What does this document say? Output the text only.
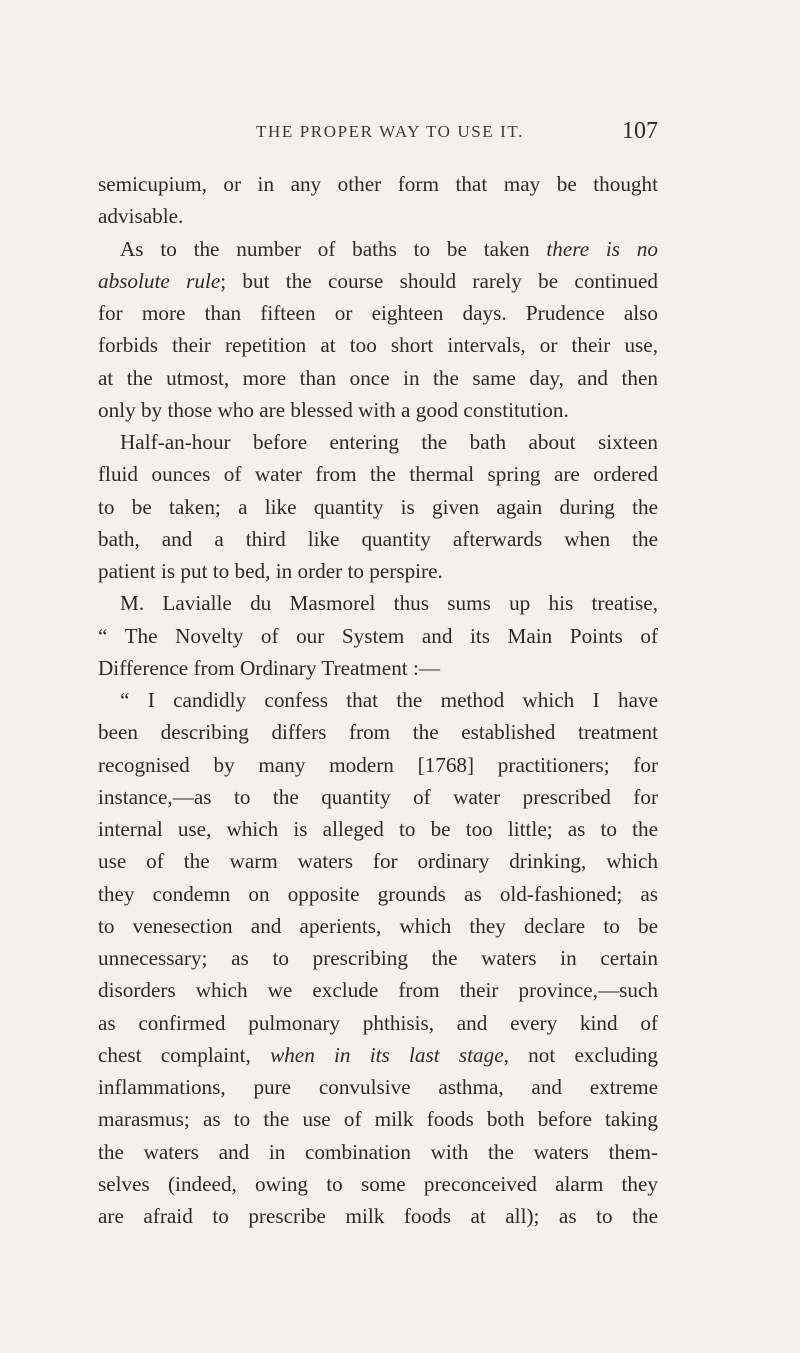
THE PROPER WAY TO USE IT.	107
semicupium, or in any other form that may be thought
advisable.
As to the number of baths to be taken there is no
absolute rule; but the course should rarely be continued
for more than fifteen or eighteen days. Prudence also
forbids their repetition at too short intervals, or their use,
at the utmost, more than once in the same day, and then
only by those who are blessed with a good constitution.
Half-an-hour before entering the bath about sixteen
fluid ounces of water from the thermal spring are ordered
to be taken; a like quantity is given again during the
bath, and a third like quantity afterwards when the
patient is put to bed, in order to perspire.
M. Lavialle du Masmorel thus sums up his treatise,
“ The Novelty of our System and its Main Points of
Difference from Ordinary Treatment :—
“ I candidly confess that the method which I have
been describing differs from the established treatment
recognised by many modern [1768] practitioners; for
instance,—as to the quantity of water prescribed for
internal use, which is alleged to be too little; as to the
use of the warm waters for ordinary drinking, which
they condemn on opposite grounds as old-fashioned; as
to venesection and aperients, which they declare to be
unnecessary; as to prescribing the waters in certain
disorders which we exclude from their province,—such
as confirmed pulmonary phthisis, and every kind of
chest complaint, when in its last stage, not excluding
inflammations, pure convulsive asthma, and extreme
marasmus; as to the use of milk foods both before taking
the waters and in combination with the waters them-
selves (indeed, owing to some preconceived alarm they
are afraid to prescribe milk foods at all); as to the
